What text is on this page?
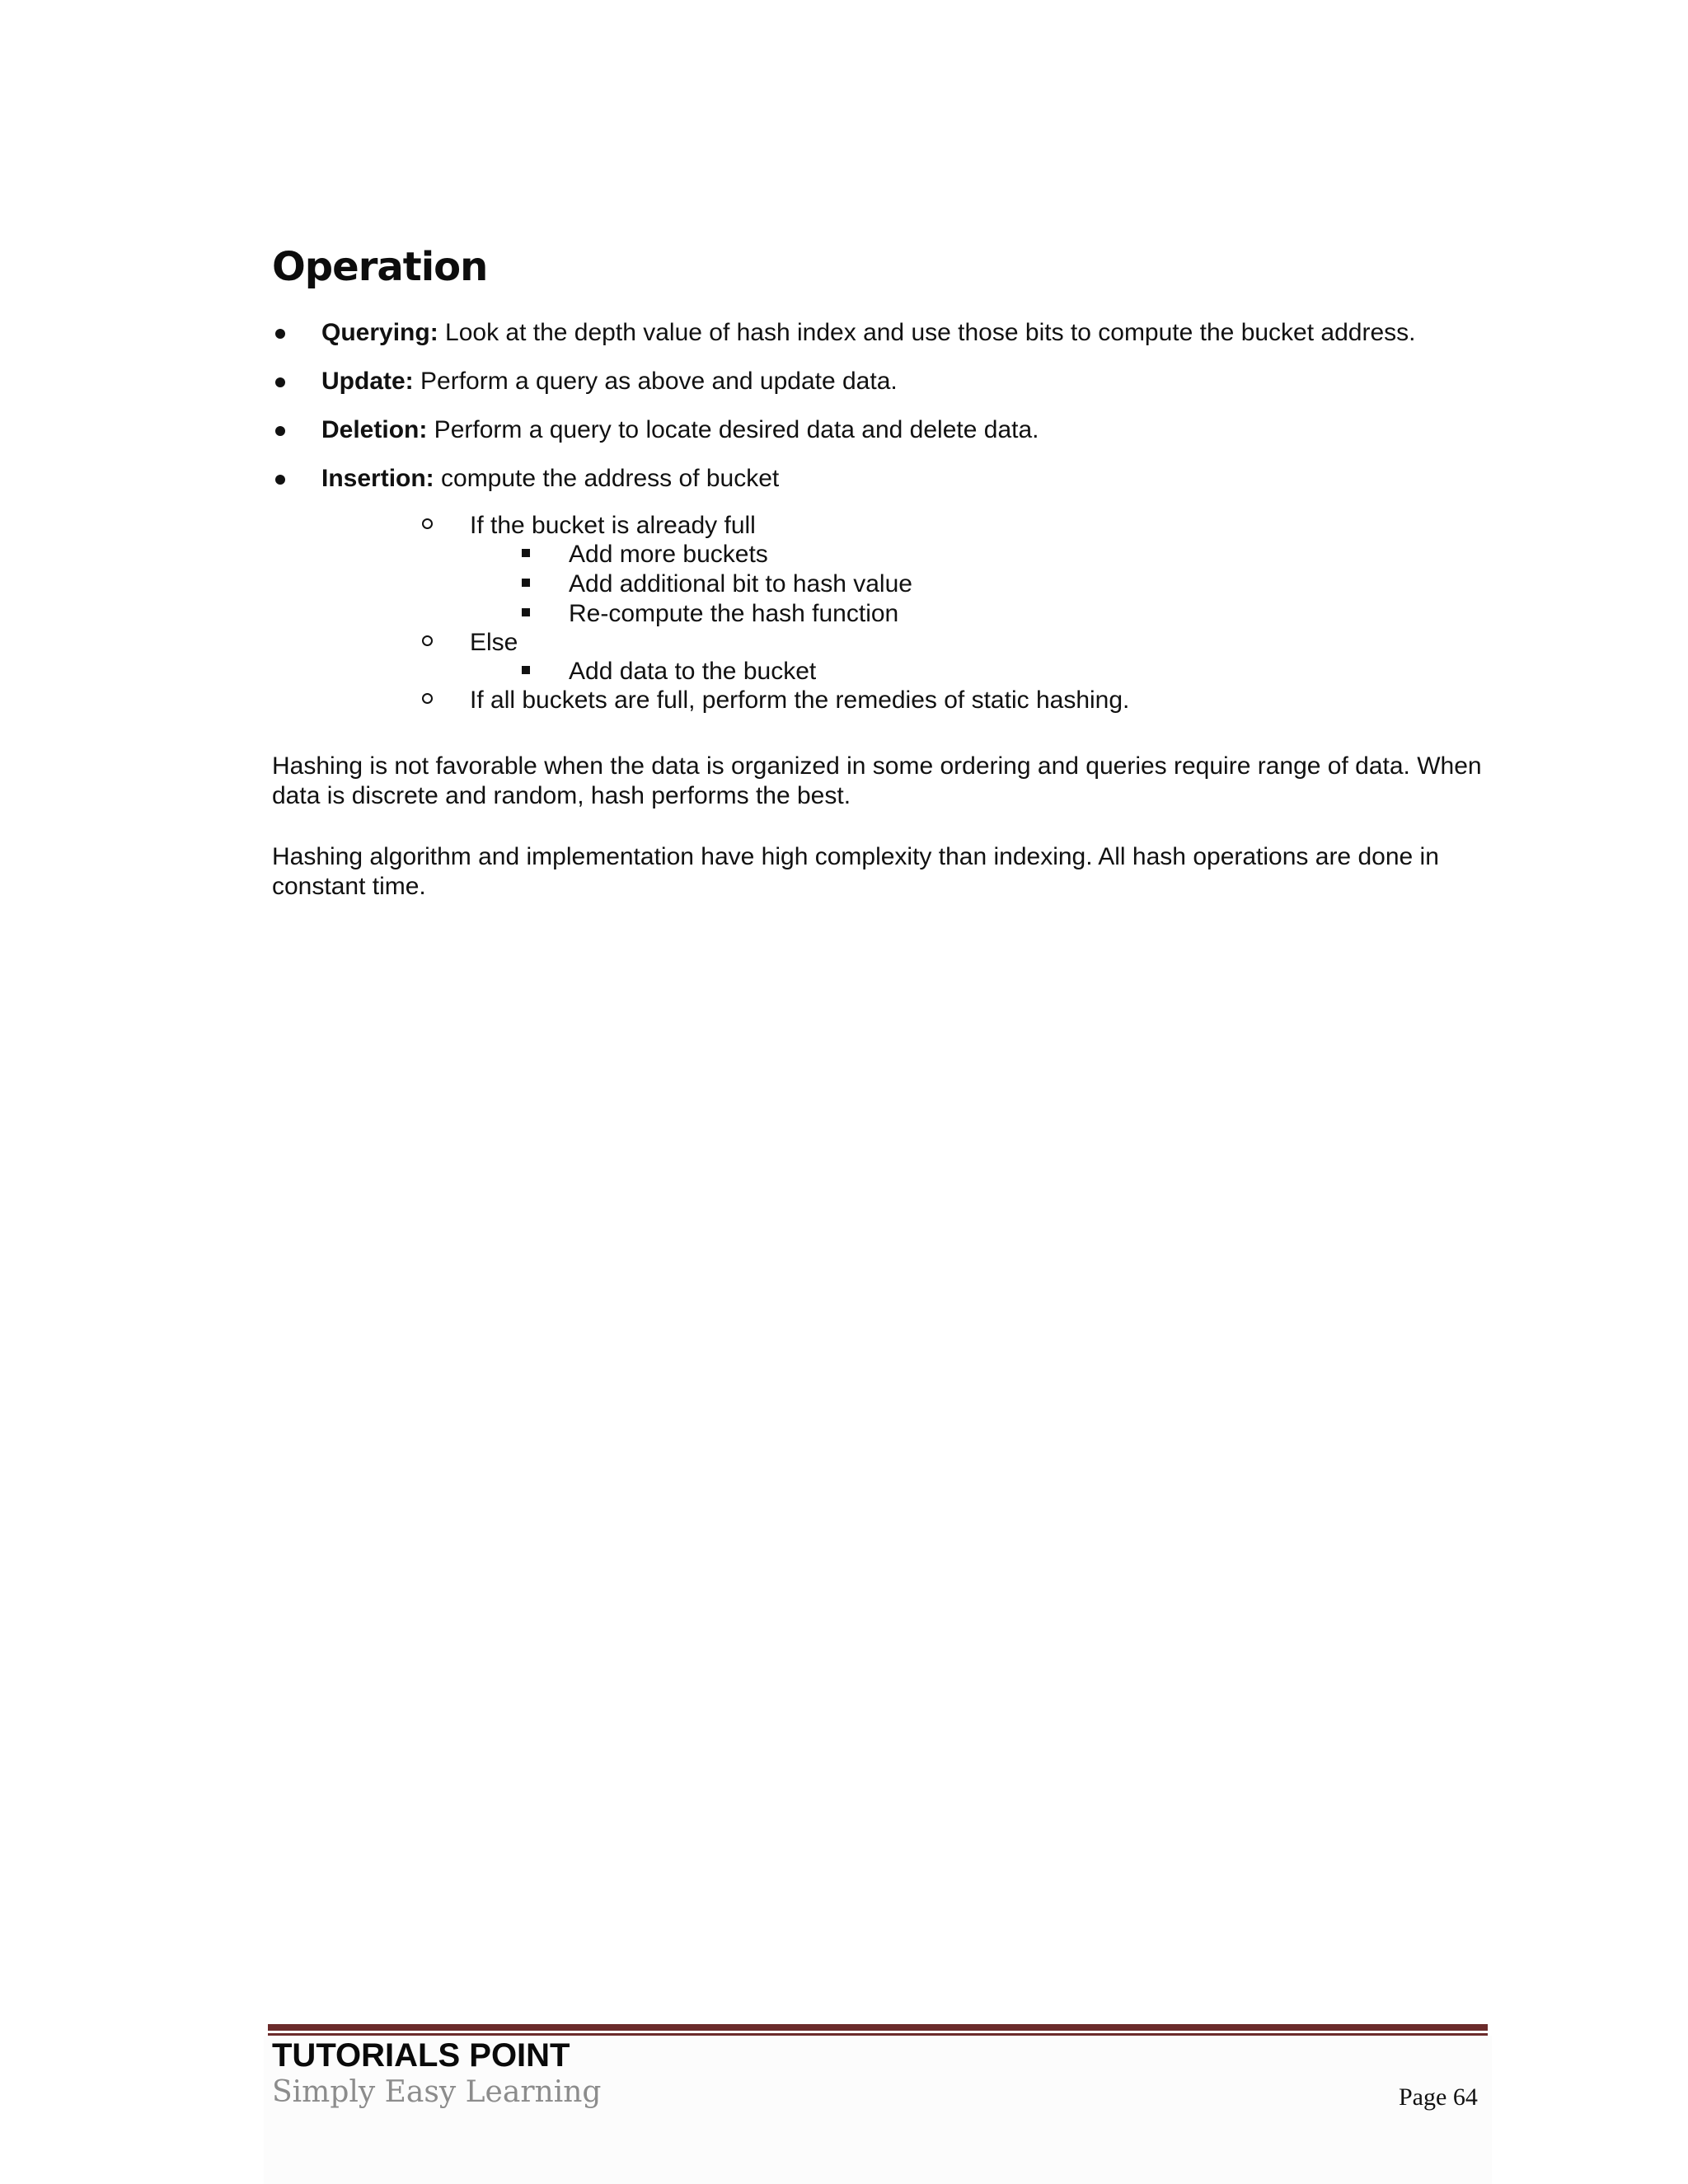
Operation
Querying: Look at the depth value of hash index and use those bits to compute the bucket address.
Update: Perform a query as above and update data.
Deletion: Perform a query to locate desired data and delete data.
Insertion: compute the address of bucket
If the bucket is already full
Add more buckets
Add additional bit to hash value
Re-compute the hash function
Else
Add data to the bucket
If all buckets are full, perform the remedies of static hashing.

Hashing is not favorable when the data is organized in some ordering and queries require range of data. When data is discrete and random, hash performs the best.

Hashing algorithm and implementation have high complexity than indexing. All hash operations are done in constant time.

TUTORIALS POINT
Simply Easy Learning	Page 64
